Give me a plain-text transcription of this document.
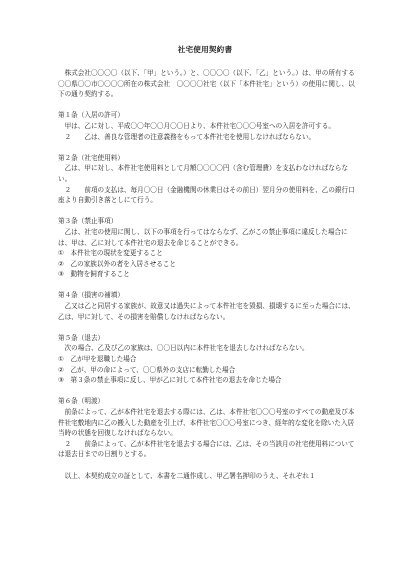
社宅使用契約書

株式会社〇〇〇〇（以下、「甲」という。）と、〇〇〇〇（以下、「乙」という。）は、甲の所有する〇〇県〇〇市〇〇〇〇所在の株式会社　〇〇〇〇社宅（以下「本件社宅」という）の使用に関し、以下の通り契約する。

第１条（入居の許可）

甲は、乙に対し、平成〇〇年〇〇月〇〇日より、本件社宅〇〇〇号室への入居を許可する。

２　　乙は、善良な管理者の注意義務をもって本件社宅を使用しなければならない。

第２条（社宅使用料）

乙は、甲に対し、本件社宅使用料として月額〇〇〇〇円（含む管理費）を支払わなければならない。

２　　前項の支払は、毎月〇〇日（金融機関の休業日はその前日）翌月分の使用料を、乙の銀行口座より自動引き落としにて行う。

第３条（禁止事項）

乙は、社宅の使用に関し、以下の事項を行ってはならなず、乙がこの禁止事項に違反した場合には、甲は、乙に対して本件社宅の退去を命じることができる。

①　本件社宅の現状を変更すること

②　乙の家族以外の者を入居させること

③　動物を飼育すること

第４条（損害の補填）

乙又は乙と同居する家族が、故意又は過失によって本件社宅を毀損、損壊するに至った場合には、乙は、甲に対して、その損害を賠償しなければならない。

第５条（退去）

次の場合、乙及び乙の家族は、〇〇日以内に本件社宅を退去しなければならない。

①　乙が甲を退職した場合

②　乙が、甲の命によって、〇〇県外の支店に転勤した場合

③　第３条の禁止事項に反し、甲が乙に対して本件社宅の退去を命じた場合

第６条（明渡）

前条によって、乙が本件社宅を退去する際には、乙は、本件社宅〇〇〇号室のすべての動産及び本件社宅敷地内に乙の搬入した動産を引上げ、本件社宅〇〇〇号室につき、経年的な変化を除いた入居当時の状態を回復しなければならない。

２　　前条によって、乙が本件社宅を退去する場合には、乙は、その当該月の社宅使用料については退去日までの日割りとする。

以上、本契約成立の証として、本書を二通作成し、甲乙署名押印のうえ、それぞれ１
